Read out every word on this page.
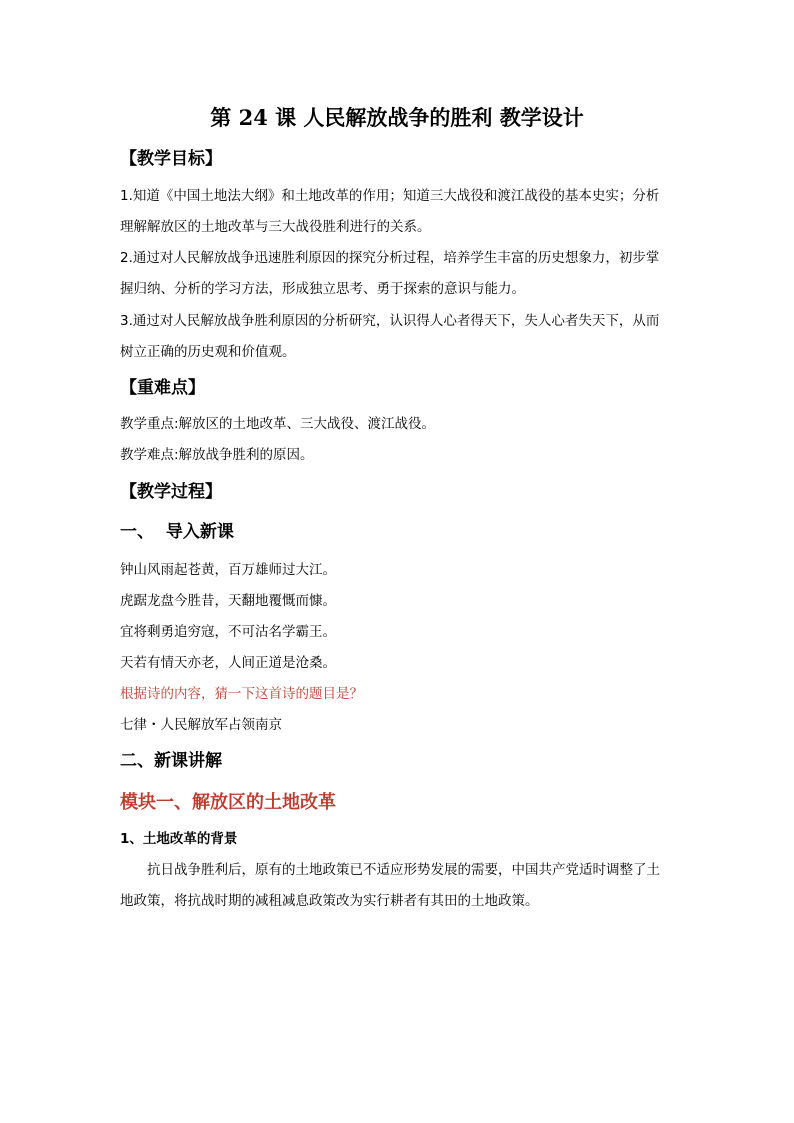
第 24 课 人民解放战争的胜利 教学设计
【教学目标】
1.知道《中国土地法大纲》和土地改革的作用；知道三大战役和渡江战役的基本史实；分析
理解解放区的土地改革与三大战役胜利进行的关系。
2.通过对人民解放战争迅速胜利原因的探究分析过程，培养学生丰富的历史想象力，初步掌
握归纳、分析的学习方法，形成独立思考、勇于探索的意识与能力。
3.通过对人民解放战争胜利原因的分析研究，认识得人心者得天下，失人心者失天下，从而
树立正确的历史观和价值观。
【重难点】
教学重点:解放区的土地改革、三大战役、渡江战役。
教学难点:解放战争胜利的原因。
【教学过程】
一、  导入新课
钟山风雨起苍黄，百万雄师过大江。
虎踞龙盘今胜昔，天翻地覆慨而慷。
宜将剩勇追穷寇，不可沽名学霸王。
天若有情天亦老，人间正道是沧桑。
根据诗的内容，猜一下这首诗的题目是？
七律・人民解放军占领南京
二、新课讲解
模块一、解放区的土地改革
1、土地改革的背景
抗日战争胜利后，原有的土地政策已不适应形势发展的需要，中国共产党适时调整了土
地政策，将抗战时期的减租减息政策改为实行耕者有其田的土地政策。
